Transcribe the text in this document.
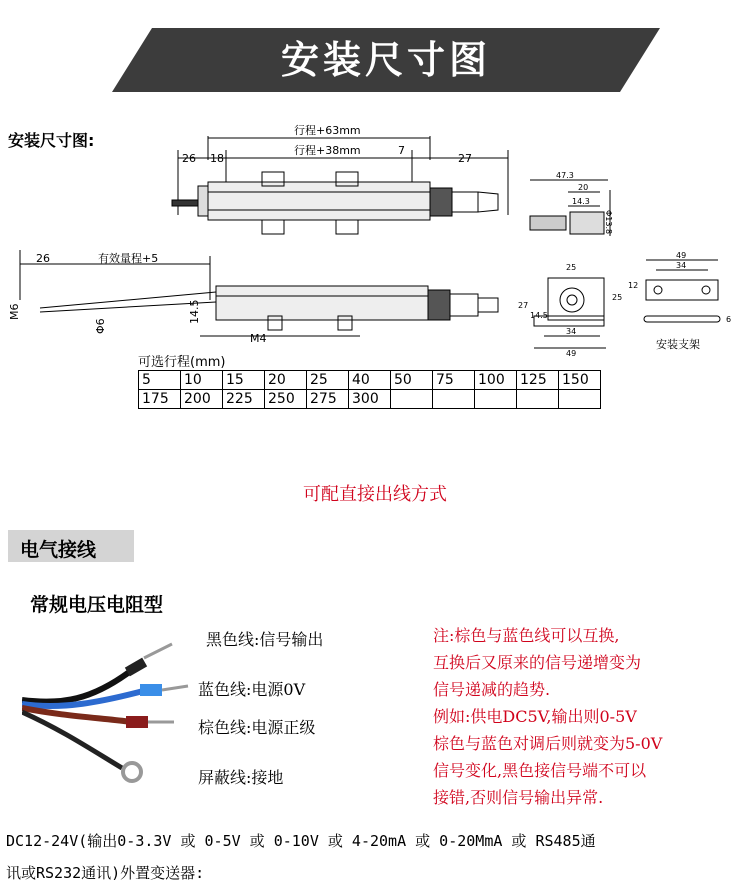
安装尺寸图
安装尺寸图:
行程+63mm
行程+38mm
26 18
7
27
47.3
20
14.3
Φ13.8
26	有效量程+5
M6
Φ6
14.5
M4
25
27
14.5
25
34
49
49
34
12
6
安装支架
可选行程(mm)
5	10	15	20	25	40	50	75	100	125	150
175	200	225	250	275	300					
可配直接出线方式
电气接线
常规电压电阻型
黑色线:信号输出
蓝色线:电源0V
棕色线:电源正级
屏蔽线:接地
注:棕色与蓝色线可以互换,
互换后又原来的信号递增变为
信号递减的趋势.
例如:供电DC5V,输出则0-5V
棕色与蓝色对调后则就变为5-0V
信号变化,黑色接信号端不可以
接错,否则信号输出异常.
DC12-24V(输出0-3.3V 或 0-5V 或 0-10V 或 4-20mA 或 0-20MmA 或 RS485通
讯或RS232通讯)外置变送器:
